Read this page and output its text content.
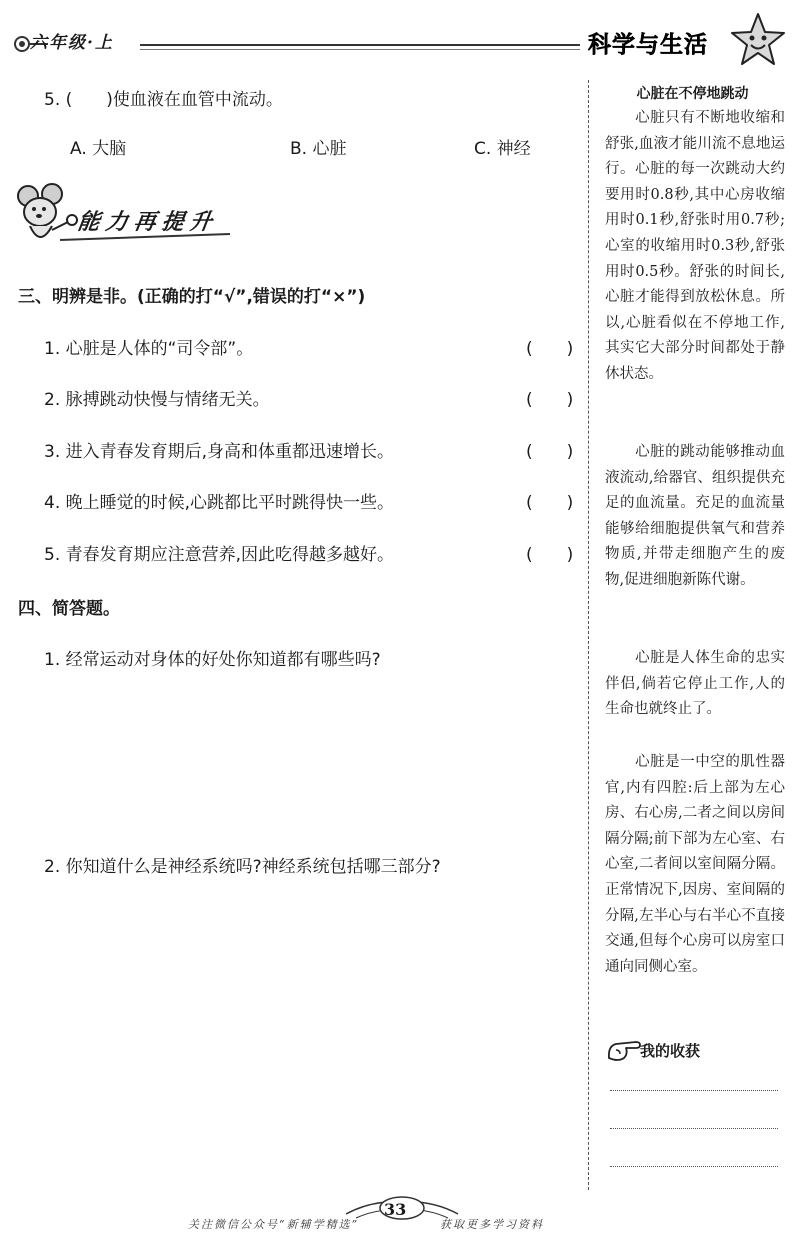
六年级·上	科学与生活
5. (　　)使血液在血管中流动。
A. 大脑	B. 心脏	C. 神经
能力再提升
三、明辨是非。(正确的打“√”,错误的打“×”)
1. 心脏是人体的“司令部”。	(　　)
2. 脉搏跳动快慢与情绪无关。	(　　)
3. 进入青春发育期后,身高和体重都迅速增长。	(　　)
4. 晚上睡觉的时候,心跳都比平时跳得快一些。	(　　)
5. 青春发育期应注意营养,因此吃得越多越好。	(　　)
四、简答题。
1. 经常运动对身体的好处你知道都有哪些吗?
2. 你知道什么是神经系统吗?神经系统包括哪三部分?
心脏在不停地跳动
　　心脏只有不断地收缩和舒张,血液才能川流不息地运行。心脏的每一次跳动大约要用时0.8秒,其中心房收缩用时0.1秒,舒张时用0.7秒;心室的收缩用时0.3秒,舒张用时0.5秒。舒张的时间长,心脏才能得到放松休息。所以,心脏看似在不停地工作,其实它大部分时间都处于静休状态。
　　心脏的跳动能够推动血液流动,给器官、组织提供充足的血流量。充足的血流量能够给细胞提供氧气和营养物质,并带走细胞产生的废物,促进细胞新陈代谢。
　　心脏是人体生命的忠实伴侣,倘若它停止工作,人的生命也就终止了。
　　心脏是一中空的肌性器官,内有四腔:后上部为左心房、右心房,二者之间以房间隔分隔;前下部为左心室、右心室,二者间以室间隔分隔。正常情况下,因房、室间隔的分隔,左半心与右半心不直接交通,但每个心房可以房室口通向同侧心室。
我的收获
关注微信公众号“新辅学精选”
33
获取更多学习资料
